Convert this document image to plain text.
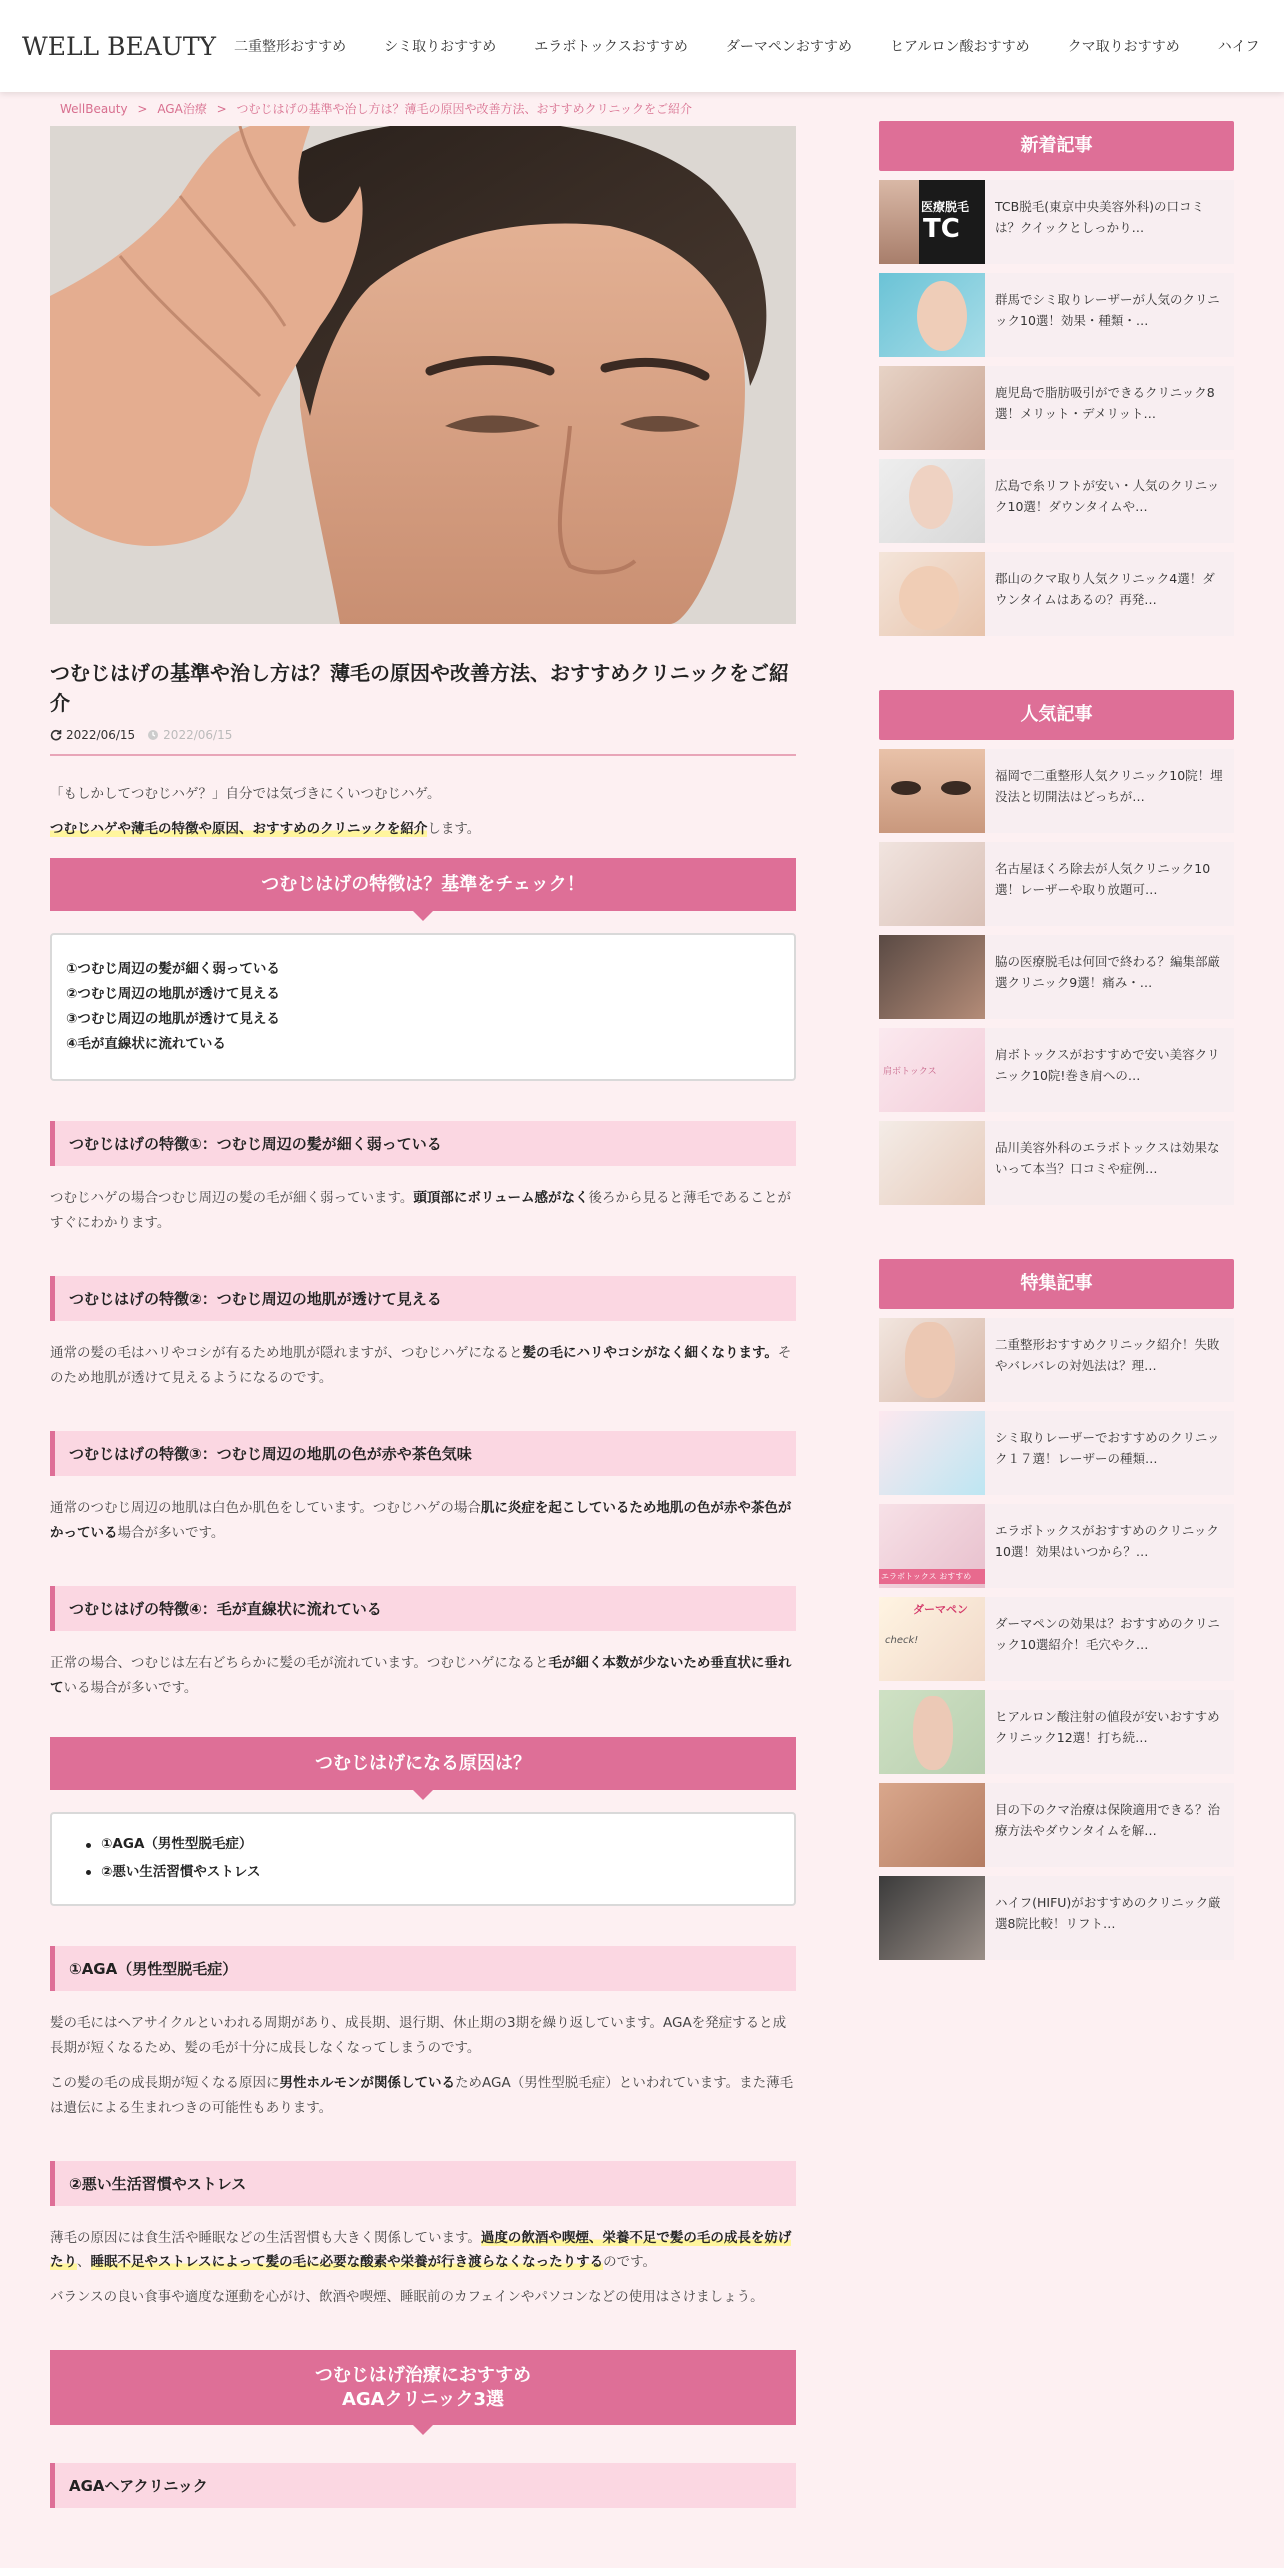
WELL BEAUTY	二重整形おすすめ	シミ取りおすすめ	エラボトックスおすすめ	ダーマペンおすすめ	ヒアルロン酸おすすめ	クマ取りおすすめ	ハイフ
WellBeauty > AGA治療 > つむじはげの基準や治し方は？薄毛の原因や改善方法、おすすめクリニックをご紹介
つむじはげの基準や治し方は？薄毛の原因や改善方法、おすすめクリニックをご紹介
2022/06/15 2022/06/15

「もしかしてつむじハゲ？」自分では気づきにくいつむじハゲ。

つむじハゲや薄毛の特徴や原因、おすすめのクリニックを紹介します。

つむじはげの特徴は？基準をチェック！
①つむじ周辺の髪が細く弱っている
②つむじ周辺の地肌が透けて見える
③つむじ周辺の地肌が透けて見える
④毛が直線状に流れている
つむじはげの特徴①：つむじ周辺の髪が細く弱っている

つむじハゲの場合つむじ周辺の髪の毛が細く弱っています。頭頂部にボリューム感がなく後ろから見ると薄毛であることがすぐにわかります。

つむじはげの特徴②：つむじ周辺の地肌が透けて見える

通常の髪の毛はハリやコシが有るため地肌が隠れますが、つむじハゲになると髪の毛にハリやコシがなく細くなります。そのため地肌が透けて見えるようになるのです。

つむじはげの特徴③：つむじ周辺の地肌の色が赤や茶色気味

通常のつむじ周辺の地肌は白色か肌色をしています。つむじハゲの場合肌に炎症を起こしているため地肌の色が赤や茶色がかっている場合が多いです。

つむじはげの特徴④：毛が直線状に流れている

正常の場合、つむじは左右どちらかに髪の毛が流れています。つむじハゲになると毛が細く本数が少ないため垂直状に垂れている場合が多いです。

つむじはげになる原因は？
①AGA（男性型脱毛症）
②悪い生活習慣やストレス
①AGA（男性型脱毛症）

髪の毛にはヘアサイクルといわれる周期があり、成長期、退行期、休止期の3期を繰り返しています。AGAを発症すると成長期が短くなるため、髪の毛が十分に成長しなくなってしまうのです。

この髪の毛の成長期が短くなる原因に男性ホルモンが関係しているためAGA（男性型脱毛症）といわれています。また薄毛は遺伝による生まれつきの可能性もあります。

②悪い生活習慣やストレス

薄毛の原因には食生活や睡眠などの生活習慣も大きく関係しています。過度の飲酒や喫煙、栄養不足で髪の毛の成長を妨げたり、睡眠不足やストレスによって髪の毛に必要な酸素や栄養が行き渡らなくなったりするのです。

バランスの良い食事や適度な運動を心がけ、飲酒や喫煙、睡眠前のカフェインやパソコンなどの使用はさけましょう。

つむじはげ治療におすすめ
AGAクリニック3選
AGAヘアクリニック
新着記事
医療脱毛
TC
TCB脱毛(東京中央美容外科)の口コミは？クイックとしっかり…
群馬でシミ取りレーザーが人気のクリニック10選！効果・種類・…
鹿児島で脂肪吸引ができるクリニック8選！メリット・デメリット…
広島で糸リフトが安い・人気のクリニック10選！ダウンタイムや…
郡山のクマ取り人気クリニック4選！ダウンタイムはあるの？再発…
人気記事
福岡で二重整形人気クリニック10院！埋没法と切開法はどっちが…
名古屋ほくろ除去が人気クリニック10選！レーザーや取り放題可…
脇の医療脱毛は何回で終わる？編集部厳選クリニック9選！痛み・…
肩ボトックス
肩ボトックスがおすすめで安い美容クリニック10院!巻き肩への…
品川美容外科のエラボトックスは効果ないって本当？口コミや症例…
特集記事
二重整形おすすめクリニック紹介！失敗やバレバレの対処法は？理…
シミ取りレーザーでおすすめのクリニック１７選！レーザーの種類…
エラボトックス おすすめ
エラボトックスがおすすめのクリニック10選！効果はいつから？…
ダーマペン
check!
ダーマペンの効果は？おすすめのクリニック10選紹介！毛穴やク…
ヒアルロン酸注射の値段が安いおすすめクリニック12選！打ち続…
目の下のクマ治療は保険適用できる？治療方法やダウンタイムを解…
ハイフ(HIFU)がおすすめのクリニック厳選8院比較！リフト…
